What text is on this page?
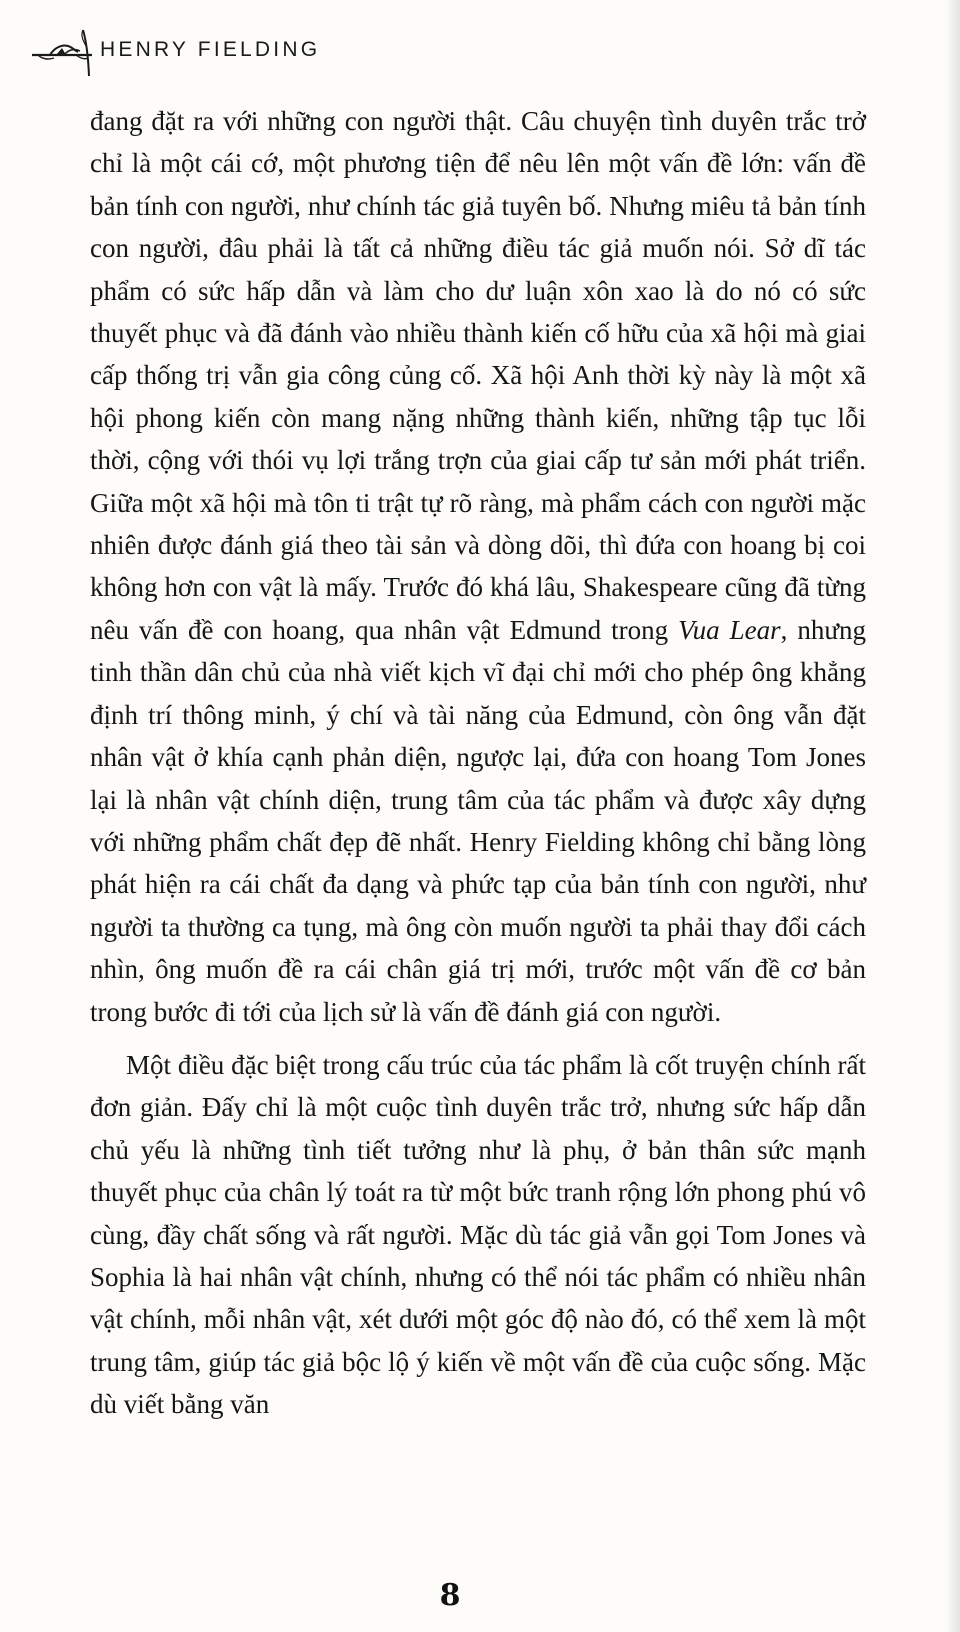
HENRY FIELDING

đang đặt ra với những con người thật. Câu chuyện tình duyên trắc trở chỉ là một cái cớ, một phương tiện để nêu lên một vấn đề lớn: vấn đề bản tính con người, như chính tác giả tuyên bố. Nhưng miêu tả bản tính con người, đâu phải là tất cả những điều tác giả muốn nói. Sở dĩ tác phẩm có sức hấp dẫn và làm cho dư luận xôn xao là do nó có sức thuyết phục và đã đánh vào nhiều thành kiến cố hữu của xã hội mà giai cấp thống trị vẫn gia công củng cố. Xã hội Anh thời kỳ này là một xã hội phong kiến còn mang nặng những thành kiến, những tập tục lỗi thời, cộng với thói vụ lợi trắng trợn của giai cấp tư sản mới phát triển. Giữa một xã hội mà tôn ti trật tự rõ ràng, mà phẩm cách con người mặc nhiên được đánh giá theo tài sản và dòng dõi, thì đứa con hoang bị coi không hơn con vật là mấy. Trước đó khá lâu, Shakespeare cũng đã từng nêu vấn đề con hoang, qua nhân vật Edmund trong Vua Lear, nhưng tinh thần dân chủ của nhà viết kịch vĩ đại chỉ mới cho phép ông khẳng định trí thông minh, ý chí và tài năng của Edmund, còn ông vẫn đặt nhân vật ở khía cạnh phản diện, ngược lại, đứa con hoang Tom Jones lại là nhân vật chính diện, trung tâm của tác phẩm và được xây dựng với những phẩm chất đẹp đẽ nhất. Henry Fielding không chỉ bằng lòng phát hiện ra cái chất đa dạng và phức tạp của bản tính con người, như người ta thường ca tụng, mà ông còn muốn người ta phải thay đổi cách nhìn, ông muốn đề ra cái chân giá trị mới, trước một vấn đề cơ bản trong bước đi tới của lịch sử là vấn đề đánh giá con người.

Một điều đặc biệt trong cấu trúc của tác phẩm là cốt truyện chính rất đơn giản. Đấy chỉ là một cuộc tình duyên trắc trở, nhưng sức hấp dẫn chủ yếu là những tình tiết tưởng như là phụ, ở bản thân sức mạnh thuyết phục của chân lý toát ra từ một bức tranh rộng lớn phong phú vô cùng, đầy chất sống và rất người. Mặc dù tác giả vẫn gọi Tom Jones và Sophia là hai nhân vật chính, nhưng có thể nói tác phẩm có nhiều nhân vật chính, mỗi nhân vật, xét dưới một góc độ nào đó, có thể xem là một trung tâm, giúp tác giả bộc lộ ý kiến về một vấn đề của cuộc sống. Mặc dù viết bằng văn

8
